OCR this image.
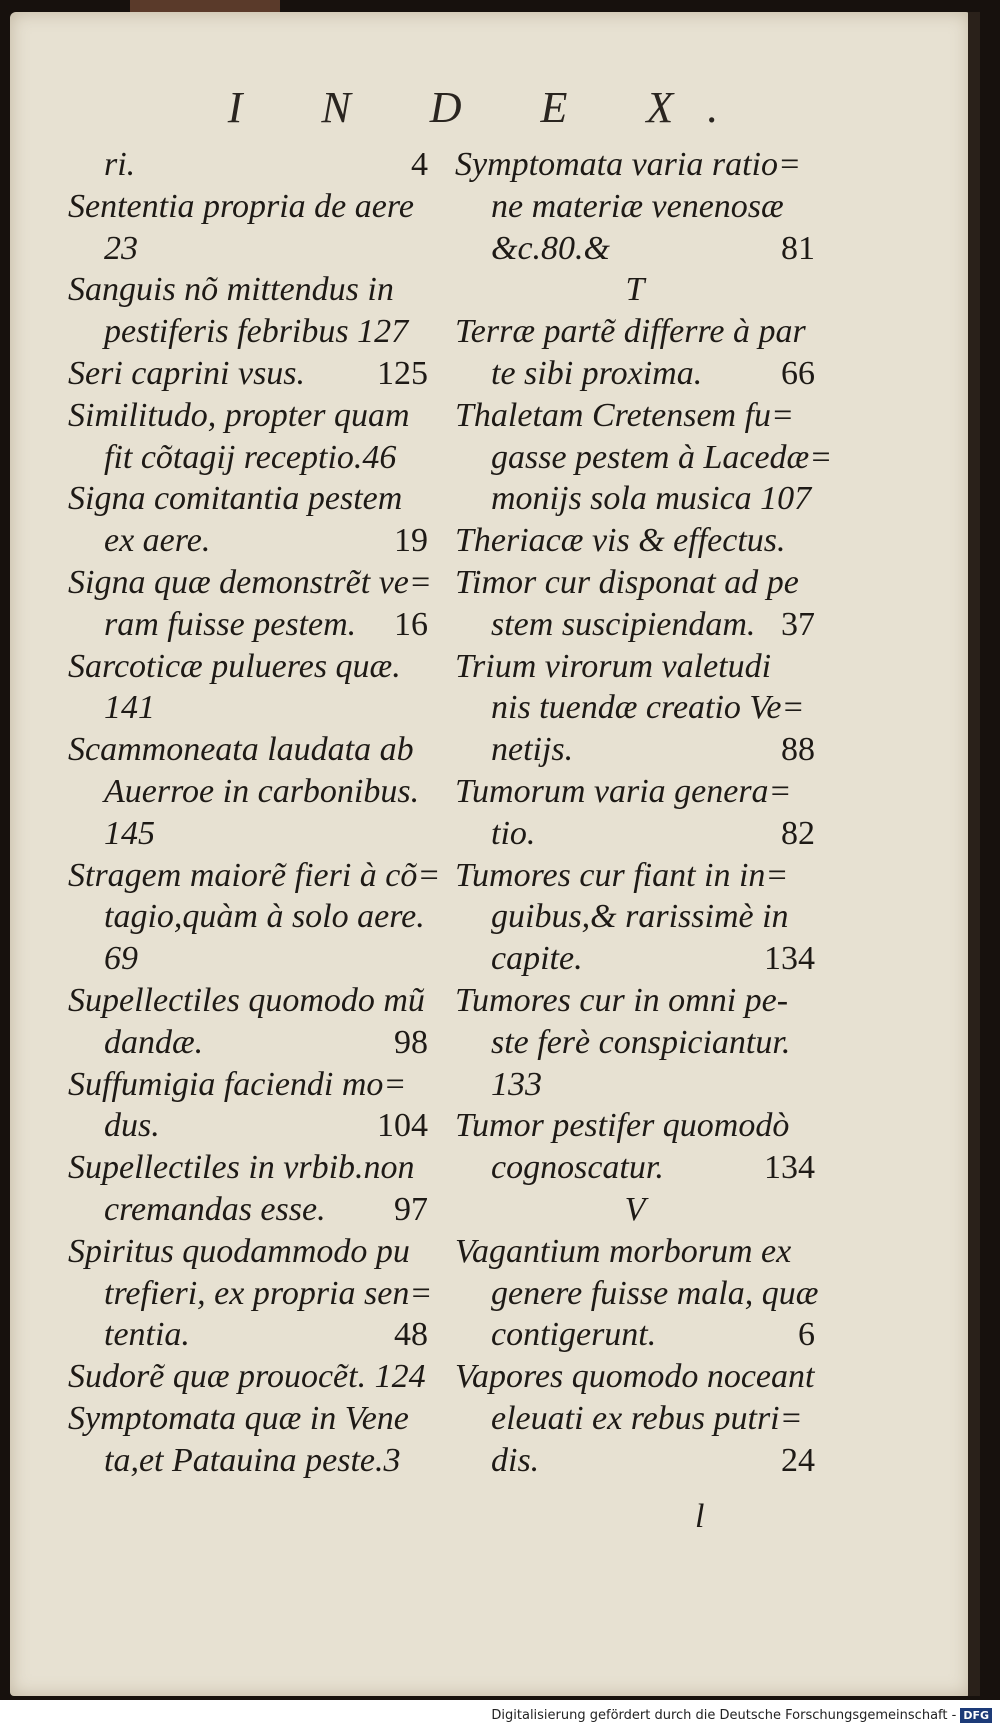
I N D E X.
ri.	4
Sententia propria de aere
23
Sanguis nõ mittendus in
pestiferis febribus 127
Seri caprini vsus. 125
Similitudo, propter quam
fit cõtagij receptio.46
Signa comitantia pestem
ex aere.	19
Signa quæ demonstrẽt ve=
ram fuisse pestem. 16
Sarcoticæ pulueres quæ.
141
Scammoneata laudata ab
Auerroe in carbonibus.
145
Stragem maiorẽ fieri à cõ=
tagio,quàm à solo aere.
69
Supellectiles quomodo mũ
dandæ.	98
Suffumigia faciendi mo=
dus.	104
Supellectiles in vrbib.non
cremandas esse. 97
Spiritus quodammodo pu
trefieri, ex propria sen=
tentia.	48
Sudorẽ quæ prouocẽt. 124
Symptomata quæ in Vene
ta,et Patauina peste.3
Symptomata varia ratio=
ne materiæ venenosæ
&c.80.&	81
T
Terræ partẽ differre à par
te sibi proxima. 66
Thaletam Cretensem fu=
gasse pestem à Lacedæ=
monijs sola musica 107
Theriacæ vis & effectus.
Timor cur disponat ad pe
stem suscipiendam. 37
Trium virorum valetudi
nis tuendæ creatio Ve=
netijs.	88
Tumorum varia genera=
tio.	82
Tumores cur fiant in in=
guibus,& rarissimè in
capite.	134
Tumores cur in omni pe-
ste ferè conspiciantur.
133
Tumor pestifer quomodò
cognoscatur.	134
V
Vagantium morborum ex
genere fuisse mala, quæ
contigerunt.	6
Vapores quomodo noceant
eleuati ex rebus putri=
dis.	24
l
Digitalisierung gefördert durch die Deutsche Forschungsgemeinschaft - DFG
